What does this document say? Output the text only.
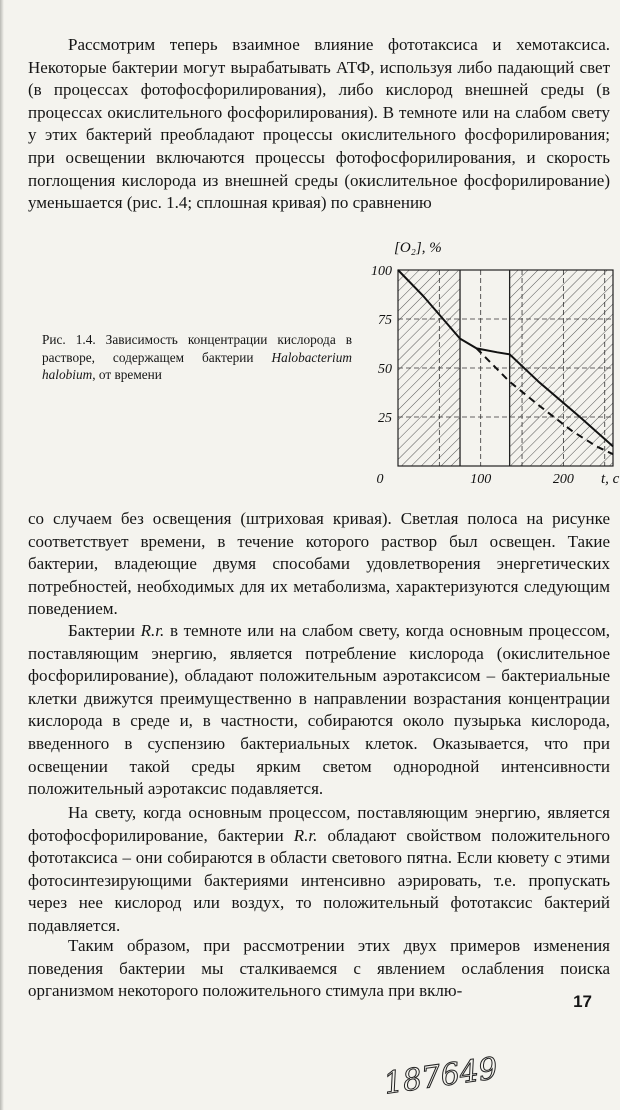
Рассмотрим теперь взаимное влияние фототаксиса и хемотаксиса. Некоторые бактерии могут вырабатывать АТФ, используя либо падающий свет (в процессах фотофосфорилирования), либо кислород внешней среды (в процессах окислительного фосфорилирования). В темноте или на слабом свету у этих бактерий преобладают процессы окислительного фосфорилирования; при освещении включаются процессы фотофосфорилирования, и скорость поглощения кислорода из внешней среды (окислительное фосфорилирование) уменьшается (рис. 1.4; сплошная кривая) по сравнению

Рис. 1.4. Зависимость концентрации кислорода в растворе, содержащем бактерии Halobacterium halobium, от времени

100
75
50
25
0	100	200
[O₂], %
t, c

со случаем без освещения (штриховая кривая). Светлая полоса на рисунке соответствует времени, в течение которого раствор был освещен. Такие бактерии, владеющие двумя способами удовлетворения энергетических потребностей, необходимых для их метаболизма, характеризуются следующим поведением.

Бактерии R.r. в темноте или на слабом свету, когда основным процессом, поставляющим энергию, является потребление кислорода (окислительное фосфорилирование), обладают положительным аэротаксисом – бактериальные клетки движутся преимущественно в направлении возрастания концентрации кислорода в среде и, в частности, собираются около пузырька кислорода, введенного в суспензию бактериальных клеток. Оказывается, что при освещении такой среды ярким светом однородной интенсивности положительный аэротаксис подавляется.

На свету, когда основным процессом, поставляющим энергию, является фотофосфорилирование, бактерии R.r. обладают свойством положительного фототаксиса – они собираются в области светового пятна. Если кювету с этими фотосинтезирующими бактериями интенсивно аэрировать, т.е. пропускать через нее кислород или воздух, то положительный фототаксис бактерий подавляется.

Таким образом, при рассмотрении этих двух примеров изменения поведения бактерии мы сталкиваемся с явлением ослабления поиска организмом некоторого положительного стимула при вклю-

17
187649
